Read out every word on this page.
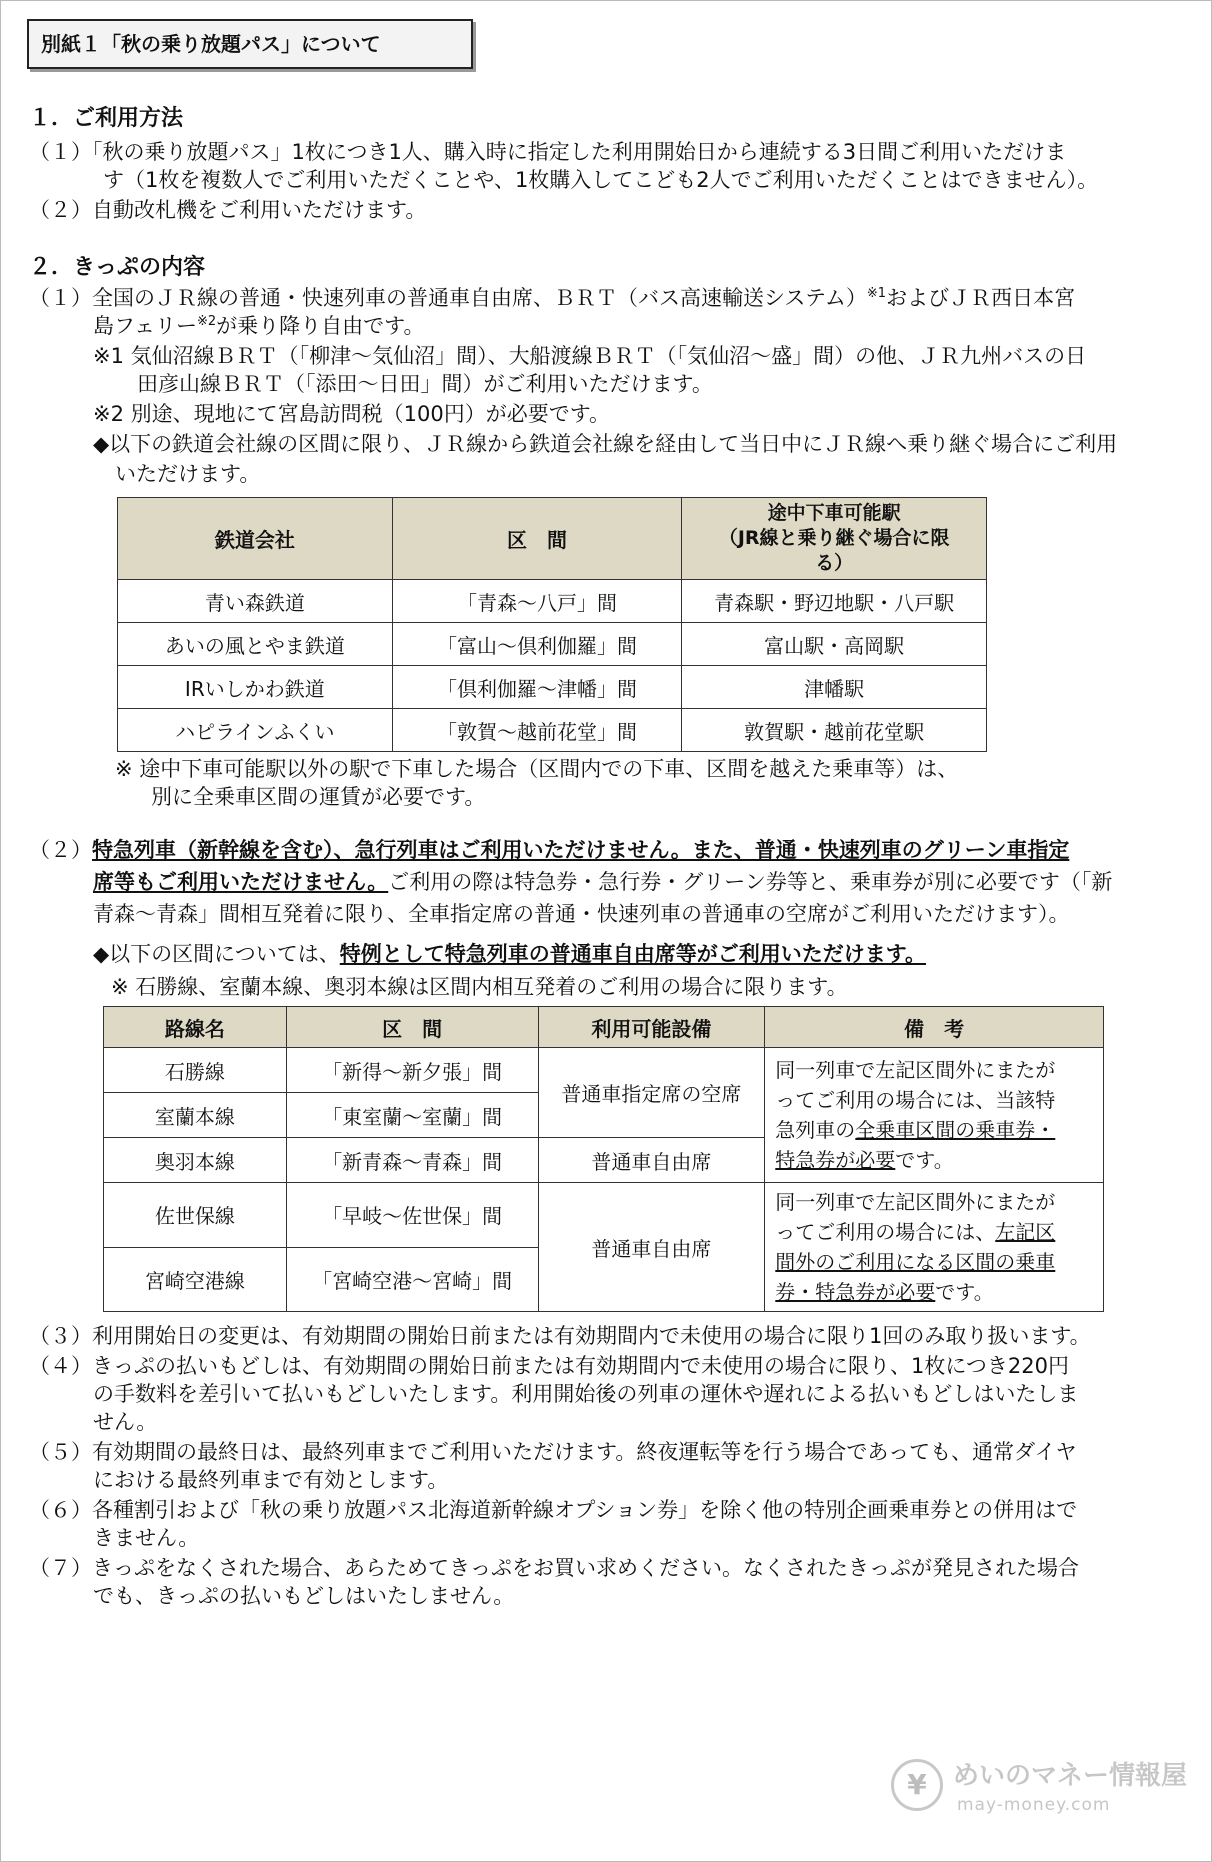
別紙１「秋の乗り放題パス」について
１．ご利用方法
（１）「秋の乗り放題パス」1枚につき1人、購入時に指定した利用開始日から連続する3日間ご利用いただけま
す（1枚を複数人でご利用いただくことや、1枚購入してこども2人でご利用いただくことはできません）。
（２）自動改札機をご利用いただけます。
２．きっぷの内容
（１）全国のＪＲ線の普通・快速列車の普通車自由席、ＢＲＴ（バス高速輸送システム）$^{※1}$およびＪＲ西日本宮
島フェリー$^{※2}$が乗り降り自由です。
※1 気仙沼線ＢＲＴ（「柳津～気仙沼」間）、大船渡線ＢＲＴ（「気仙沼～盛」間）の他、ＪＲ九州バスの日
田彦山線ＢＲＴ（「添田～日田」間）がご利用いただけます。
※2 別途、現地にて宮島訪問税（100円）が必要です。
◆以下の鉄道会社線の区間に限り、ＪＲ線から鉄道会社線を経由して当日中にＪＲ線へ乗り継ぐ場合にご利用
いただけます。
鉄道会社	区　間	途中下車可能駅
（JR線と乗り継ぐ場合に限
る）

青い森鉄道	「青森～八戸」間	青森駅・野辺地駅・八戸駅
あいの風とやま鉄道	「富山～倶利伽羅」間	富山駅・高岡駅
IRいしかわ鉄道	「倶利伽羅～津幡」間	津幡駅
ハピラインふくい	「敦賀～越前花堂」間	敦賀駅・越前花堂駅
※ 途中下車可能駅以外の駅で下車した場合（区間内での下車、区間を越えた乗車等）は、
別に全乗車区間の運賃が必要です。
（２）特急列車（新幹線を含む）、急行列車はご利用いただけません。また、普通・快速列車のグリーン車指定
席等もご利用いただけません。ご利用の際は特急券・急行券・グリーン券等と、乗車券が別に必要です（「新
青森～青森」間相互発着に限り、全車指定席の普通・快速列車の普通車の空席がご利用いただけます）。
◆以下の区間については、特例として特急列車の普通車自由席等がご利用いただけます。
※ 石勝線、室蘭本線、奥羽本線は区間内相互発着のご利用の場合に限ります。
路線名	区　間	利用可能設備	備　考
石勝線	「新得～新夕張」間	普通車指定席の空席	同一列車で左記区間外にまたが
ってご利用の場合には、当該特
急列車の全乗車区間の乗車券・
特急券が必要です。

室蘭本線	「東室蘭～室蘭」間		
奥羽本線	「新青森～青森」間	普通車自由席	
佐世保線	「早岐～佐世保」間	普通車自由席	同一列車で左記区間外にまたが
ってご利用の場合には、左記区
間外のご利用になる区間の乗車
券・特急券が必要です。

宮崎空港線	「宮崎空港～宮崎」間		
（３）利用開始日の変更は、有効期間の開始日前または有効期間内で未使用の場合に限り1回のみ取り扱います。
（４）きっぷの払いもどしは、有効期間の開始日前または有効期間内で未使用の場合に限り、1枚につき220円
の手数料を差引いて払いもどしいたします。利用開始後の列車の運休や遅れによる払いもどしはいたしま
せん。
（５）有効期間の最終日は、最終列車までご利用いただけます。終夜運転等を行う場合であっても、通常ダイヤ
における最終列車まで有効とします。
（６）各種割引および「秋の乗り放題パス北海道新幹線オプション券」を除く他の特別企画乗車券との併用はで
きません。
（７）きっぷをなくされた場合、あらためてきっぷをお買い求めください。なくされたきっぷが発見された場合
でも、きっぷの払いもどしはいたしません。
¥	めいのマネー情報屋
may-money.com
